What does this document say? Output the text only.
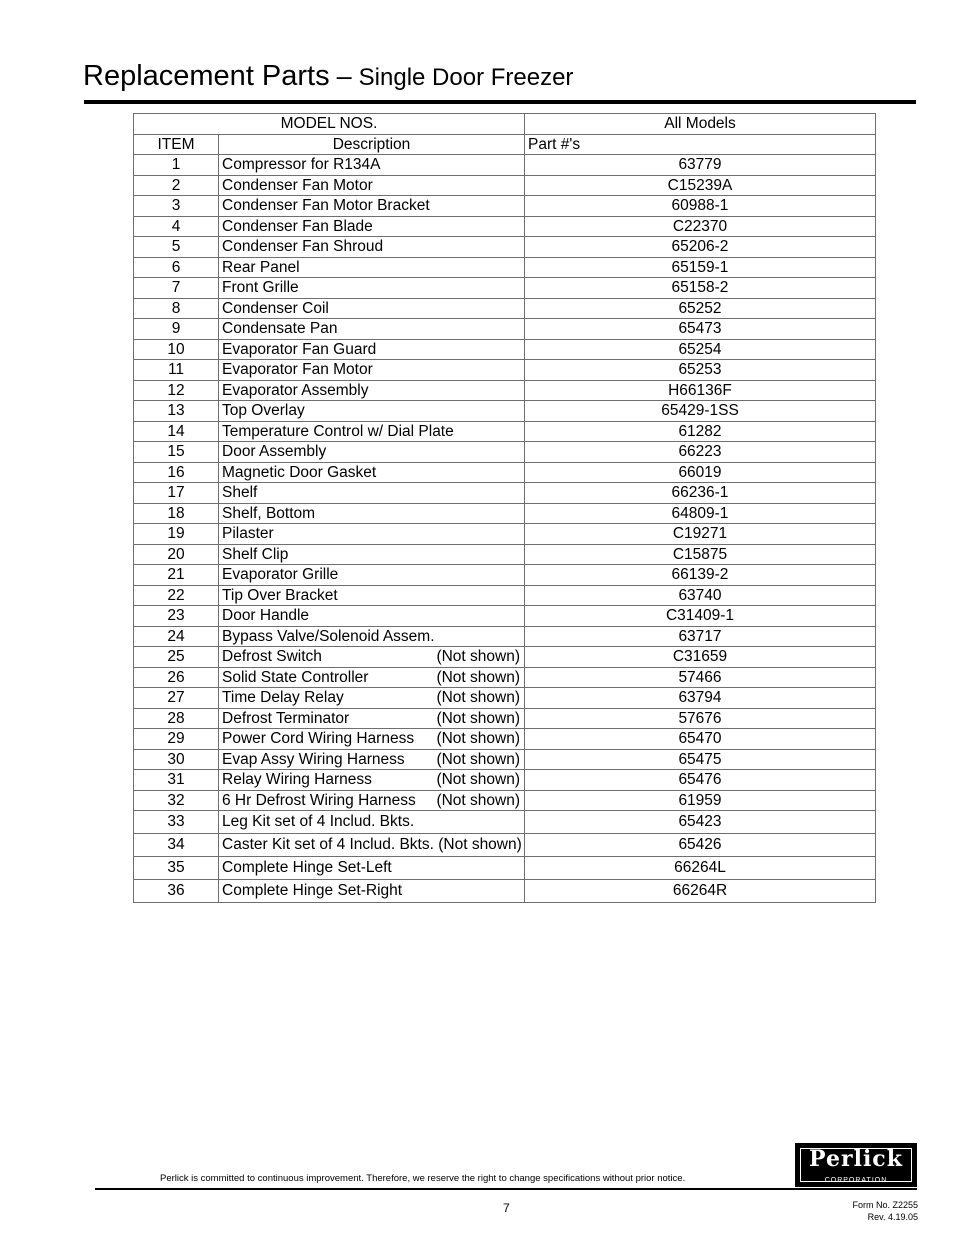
Replacement Parts – Single Door Freezer
MODEL NOS.		All Models
ITEM	Description	Part #'s
1	Compressor for R134A	63779
2	Condenser Fan Motor	C15239A
3	Condenser Fan Motor Bracket	60988-1
4	Condenser Fan Blade	C22370
5	Condenser Fan Shroud	65206-2
6	Rear Panel	65159-1
7	Front Grille	65158-2
8	Condenser Coil	65252
9	Condensate Pan	65473
10	Evaporator Fan Guard	65254
11	Evaporator Fan Motor	65253
12	Evaporator Assembly	H66136F
13	Top Overlay	65429-1SS
14	Temperature Control w/ Dial Plate	61282
15	Door Assembly	66223
16	Magnetic Door Gasket	66019
17	Shelf	66236-1
18	Shelf, Bottom	64809-1
19	Pilaster	C19271
20	Shelf Clip	C15875
21	Evaporator Grille	66139-2
22	Tip Over Bracket	63740
23	Door Handle	C31409-1
24	Bypass Valve/Solenoid Assem.	63717
25	Defrost Switch (Not shown)	C31659
26	Solid State Controller (Not shown)	57466
27	Time Delay Relay (Not shown)	63794
28	Defrost Terminator (Not shown)	57676
29	Power Cord Wiring Harness (Not shown)	65470
30	Evap Assy Wiring Harness (Not shown)	65475
31	Relay Wiring Harness (Not shown)	65476
32	6 Hr Defrost Wiring Harness (Not shown)	61959
33	Leg Kit set of 4 Includ. Bkts.	65423
34	Caster Kit set of 4 Includ. Bkts. (Not shown)	65426
35	Complete Hinge Set-Left	66264L
36	Complete Hinge Set-Right	66264R
Perlick
CORPORATION
Perlick is committed to continuous improvement. Therefore, we reserve the right to change specifications without prior notice.
7	Form No. Z2255
Rev. 4.19.05
